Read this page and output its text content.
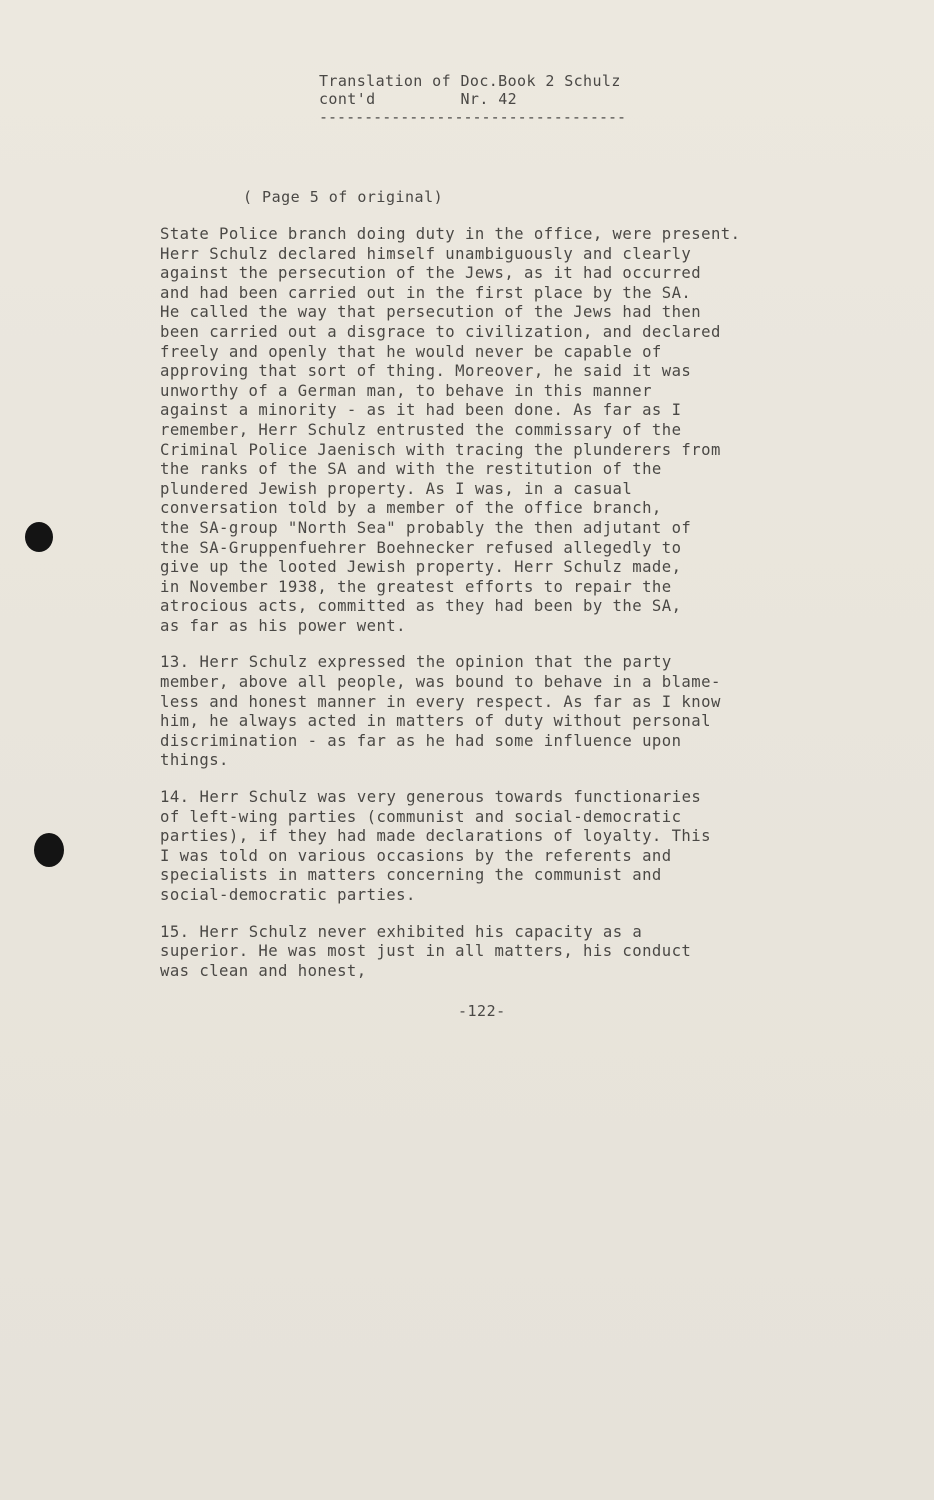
Translation of Doc.Book 2 Schulz
cont'd	Nr. 42
----------------------------------
( Page 5 of original)
State Police branch doing duty in the office, were present.
Herr Schulz declared himself unambiguously and clearly
against the persecution of the Jews, as it had occurred
and had been carried out in the first place by the SA.
He called the way that persecution of the Jews had then
been carried out a disgrace to civilization, and declared
freely and openly that he would never be capable of
approving that sort of thing. Moreover, he said it was
unworthy of a German man, to behave in this manner
against a minority - as it had been done. As far as I
remember, Herr Schulz entrusted the commissary of the
Criminal Police Jaenisch with tracing the plunderers from
the ranks of the SA and with the restitution of the
plundered Jewish property. As I was, in a casual
conversation told by a member of the office branch,
the SA-group "North Sea" probably the then adjutant of
the SA-Gruppenfuehrer Boehnecker refused allegedly to
give up the looted Jewish property. Herr Schulz made,
in November 1938, the greatest efforts to repair the
atrocious acts, committed as they had been by the SA,
as far as his power went.
13. Herr Schulz expressed the opinion that the party
member, above all people, was bound to behave in a blame-
less and honest manner in every respect. As far as I know
him, he always acted in matters of duty without personal
discrimination - as far as he had some influence upon
things.
14. Herr Schulz was very generous towards functionaries
of left-wing parties (communist and social-democratic
parties), if they had made declarations of loyalty. This
I was told on various occasions by the referents and
specialists in matters concerning the communist and
social-democratic parties.
15. Herr Schulz never exhibited his capacity as a
superior. He was most just in all matters, his conduct
was clean and honest,
-122-
